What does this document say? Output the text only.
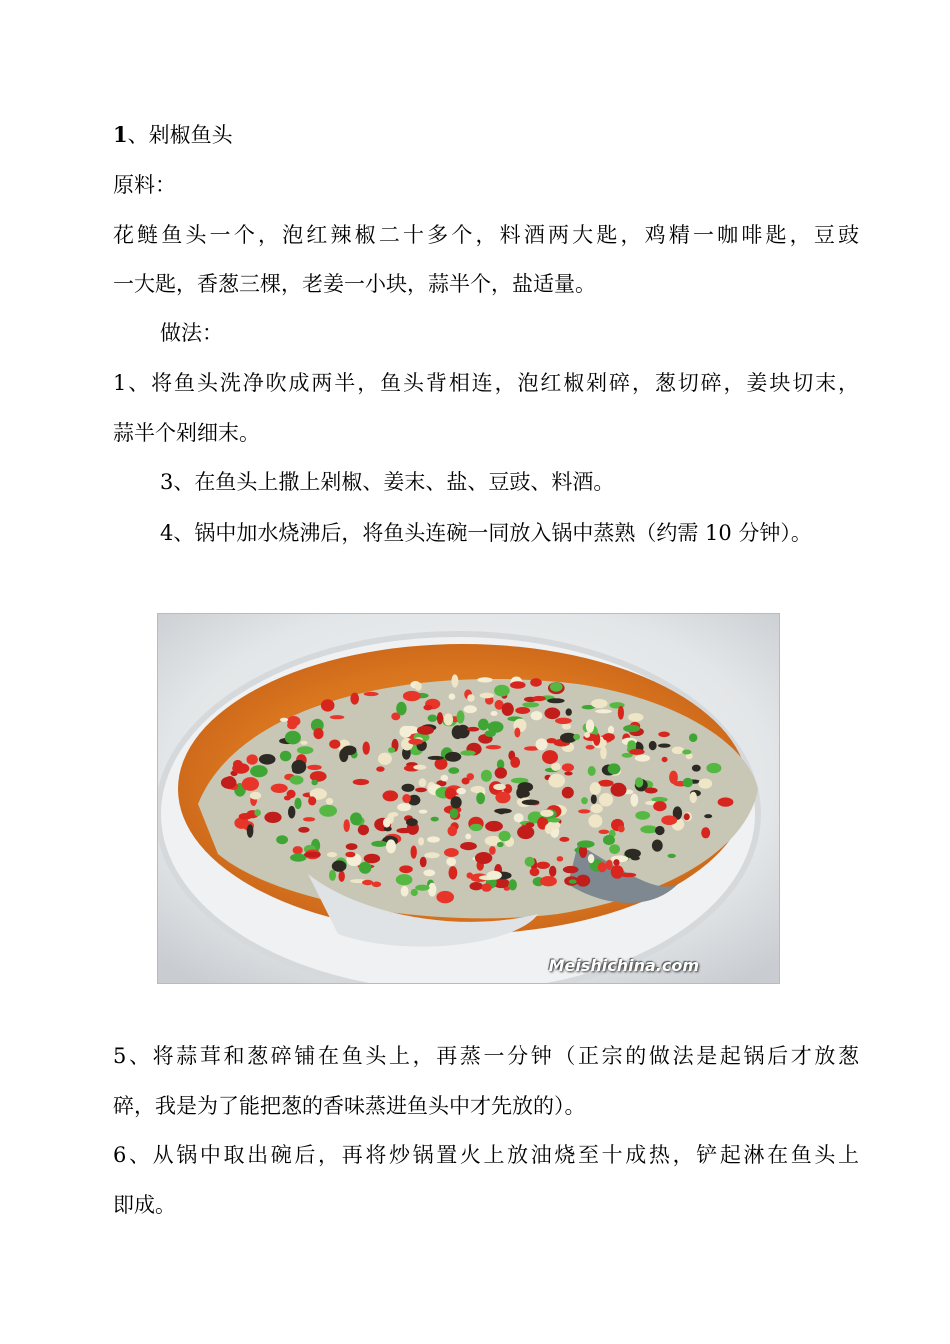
1、剁椒鱼头
原料：
花鲢鱼头一个，泡红辣椒二十多个，料酒两大匙，鸡精一咖啡匙，豆豉
一大匙，香葱三棵，老姜一小块，蒜半个，盐适量。
做法：
1、将鱼头洗净吹成两半，鱼头背相连，泡红椒剁碎，葱切碎，姜块切末，
蒜半个剁细末。
3、在鱼头上撒上剁椒、姜末、盐、豆豉、料酒。
4、锅中加水烧沸后，将鱼头连碗一同放入锅中蒸熟（约需 10 分钟）。
Meishichina.com
5、将蒜茸和葱碎铺在鱼头上，再蒸一分钟（正宗的做法是起锅后才放葱
碎，我是为了能把葱的香味蒸进鱼头中才先放的）。
6、从锅中取出碗后，再将炒锅置火上放油烧至十成热，铲起淋在鱼头上
即成。
